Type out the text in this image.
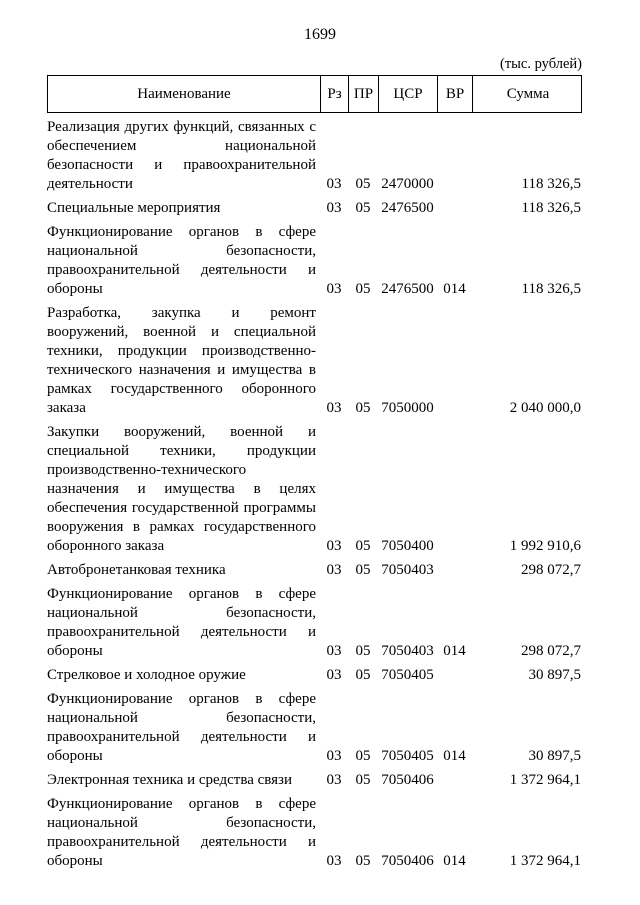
1699
(тыс. рублей)
Наименование	Рз ПР	ЦСР	ВР	Сумма
Реализация других функций, связанных с обеспечением национальной безопасности и правоохранительной деятельности	03 05 2470000	118 326,5
Специальные мероприятия	03 05 2476500	118 326,5
Функционирование органов в сфере национальной безопасности, правоохранительной деятельности и обороны	03 05 2476500 014	118 326,5
Разработка, закупка и ремонт вооружений, военной и специальной техники, продукции производственно-технического назначения и имущества в рамках государственного оборонного заказа	03 05 7050000	2 040 000,0
Закупки вооружений, военной и специальной техники, продукции производственно-технического назначения и имущества в целях обеспечения государственной программы вооружения в рамках государственного оборонного заказа	03 05 7050400	1 992 910,6
Автобронетанковая техника	03 05 7050403	298 072,7
Функционирование органов в сфере национальной безопасности, правоохранительной деятельности и обороны	03 05 7050403 014	298 072,7
Стрелковое и холодное оружие	03 05 7050405	30 897,5
Функционирование органов в сфере национальной безопасности, правоохранительной деятельности и обороны	03 05 7050405 014	30 897,5
Электронная техника и средства связи	03 05 7050406	1 372 964,1
Функционирование органов в сфере национальной безопасности, правоохранительной деятельности и обороны	03 05 7050406 014	1 372 964,1
